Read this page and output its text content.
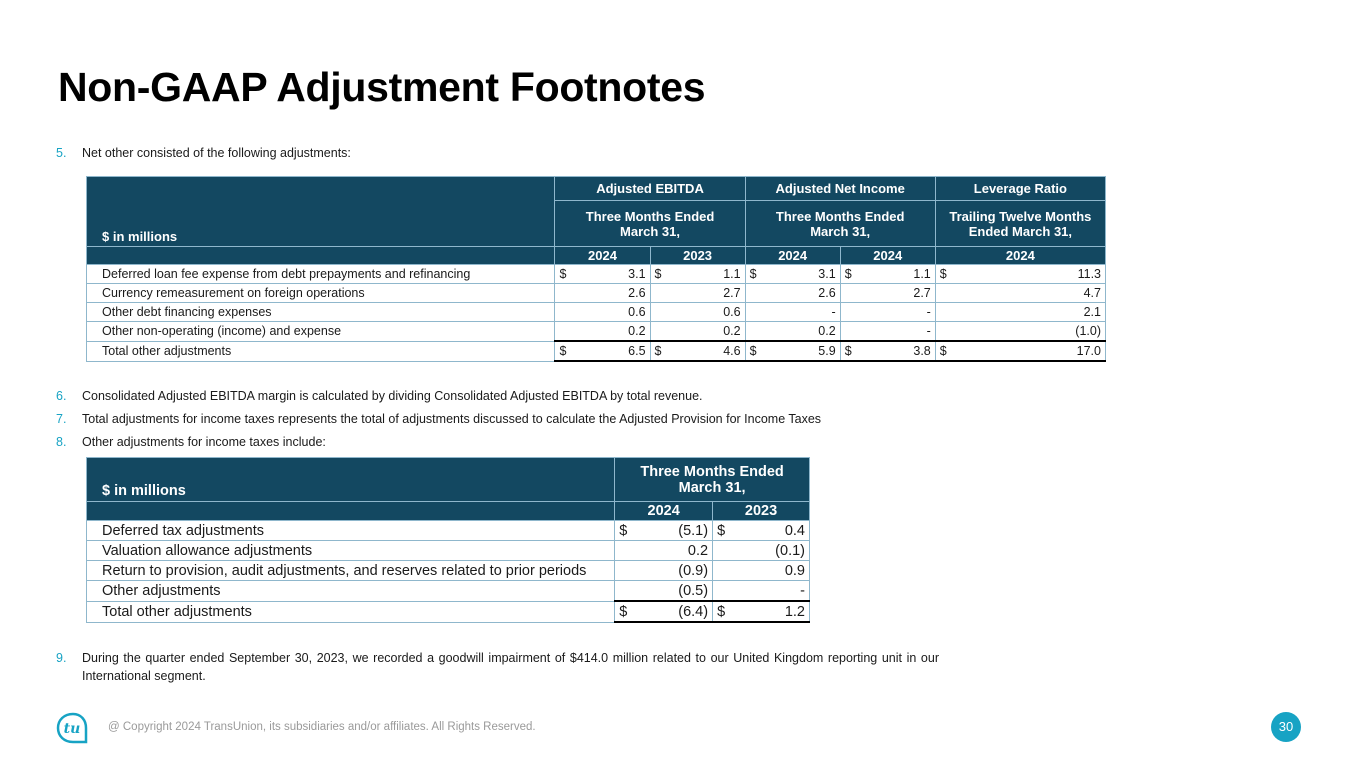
Non-GAAP Adjustment Footnotes
5. Net other consisted of the following adjustments:
$ in millions	Adjusted EBITDA		Adjusted Net Income		Leverage Ratio
	Three Months Ended March 31,		Three Months Ended March 31,		Trailing Twelve Months Ended March 31,
	2024	2023	2024	2024	2024
Deferred loan fee expense from debt prepayments and refinancing	$ 3.1	$ 1.1	$ 3.1	$ 1.1	$ 11.3

Currency remeasurement on foreign operations	2.6	2.7	2.6	2.7	4.7

Other debt financing expenses	0.6	0.6	-	-	2.1

Other non-operating (income) and expense	0.2	0.2	0.2	-	(1.0)

Total other adjustments	$ 6.5	$ 4.6	$ 5.9	$ 3.8	$ 17.0
6. Consolidated Adjusted EBITDA margin is calculated by dividing Consolidated Adjusted EBITDA by total revenue.
7. Total adjustments for income taxes represents the total of adjustments discussed to calculate the Adjusted Provision for Income Taxes
8. Other adjustments for income taxes include:
$ in millions	Three Months Ended March 31,	
	2024	2023
Deferred tax adjustments	$ (5.1)	$ 0.4

Valuation allowance adjustments	0.2	(0.1)

Return to provision, audit adjustments, and reserves related to prior periods	(0.9)	0.9

Other adjustments	(0.5)	-

Total other adjustments	$ (6.4)	$ 1.2
9.	During the quarter ended September 30, 2023, we recorded a goodwill impairment of $414.0 million related to our United Kingdom reporting unit in our International segment.
tu @ Copyright 2024 TransUnion, its subsidiaries and/or affiliates. All Rights Reserved.	30
